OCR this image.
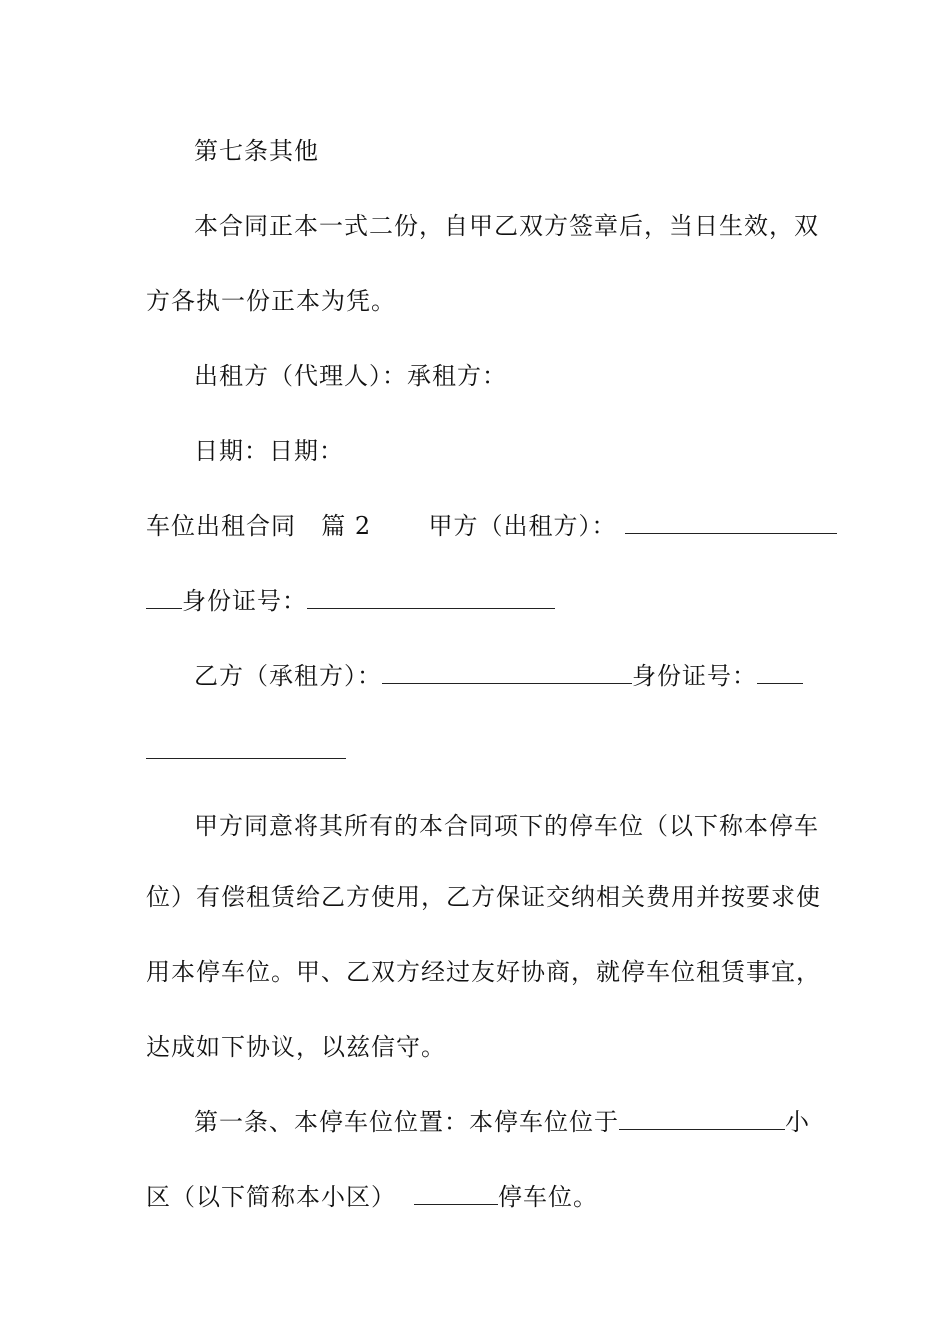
第七条其他
本合同正本一式二份，自甲乙双方签章后，当日生效，双
方各执一份正本为凭。
出租方（代理人）：承租方：
日期：日期：
车位出租合同 篇 2 甲方（出租方）：
身份证号：
乙方（承租方）：	身份证号：
甲方同意将其所有的本合同项下的停车位（以下称本停车
位）有偿租赁给乙方使用，乙方保证交纳相关费用并按要求使
用本停车位。甲、乙双方经过友好协商，就停车位租赁事宜，
达成如下协议，以兹信守。
第一条、本停车位位置：本停车位位于	小
区（以下简称本小区）	停车位。
